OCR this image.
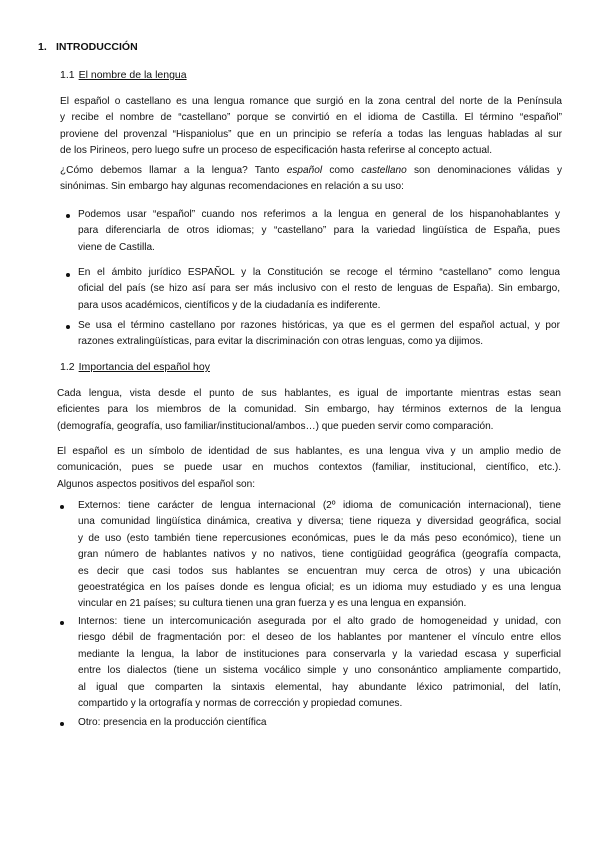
1. INTRODUCCIÓN
1.1 El nombre de la lengua
El español o castellano es una lengua romance que surgió en la zona central del norte de la Península
y recibe el nombre de “castellano” porque se convirtió en el idioma de Castilla. El término “español”
proviene del provenzal “Hispaniolus” que en un principio se refería a todas las lenguas habladas al sur
de los Pirineos, pero luego sufre un proceso de especificación hasta referirse al concepto actual.
¿Cómo debemos llamar a la lengua? Tanto español como castellano son denominaciones válidas y
sinónimas. Sin embargo hay algunas recomendaciones en relación a su uso:
Podemos usar “español” cuando nos referimos a la lengua en general de los hispanohablantes y
para diferenciarla de otros idiomas; y “castellano” para la variedad lingüística de España, pues
viene de Castilla.
En el ámbito jurídico ESPAÑOL y la Constitución se recoge el término “castellano” como lengua
oficial del país (se hizo así para ser más inclusivo con el resto de lenguas de España). Sin embargo,
para usos académicos, científicos y de la ciudadanía es indiferente.
Se usa el término castellano por razones históricas, ya que es el germen del español actual, y por
razones extralingüísticas, para evitar la discriminación con otras lenguas, como ya dijimos.
1.2 Importancia del español hoy
Cada lengua, vista desde el punto de sus hablantes, es igual de importante mientras estas sean
eficientes para los miembros de la comunidad. Sin embargo, hay términos externos de la lengua
(demografía, geografía, uso familiar/institucional/ambos…) que pueden servir como comparación.
El español es un símbolo de identidad de sus hablantes, es una lengua viva y un amplio medio de
comunicación, pues se puede usar en muchos contextos (familiar, institucional, científico, etc.).
Algunos aspectos positivos del español son:
Externos: tiene carácter de lengua internacional (2º idioma de comunicación internacional), tiene
una comunidad lingüística dinámica, creativa y diversa; tiene riqueza y diversidad geográfica, social
y de uso (esto también tiene repercusiones económicas, pues le da más peso económico), tiene un
gran número de hablantes nativos y no nativos, tiene contigüidad geográfica (geografía compacta,
es decir que casi todos sus hablantes se encuentran muy cerca de otros) y una ubicación
geoestratégica en los países donde es lengua oficial; es un idioma muy estudiado y es una lengua
vincular en 21 países; su cultura tienen una gran fuerza y es una lengua en expansión.
Internos: tiene un intercomunicación asegurada por el alto grado de homogeneidad y unidad, con
riesgo débil de fragmentación por: el deseo de los hablantes por mantener el vínculo entre ellos
mediante la lengua, la labor de instituciones para conservarla y la variedad escasa y superficial
entre los dialectos (tiene un sistema vocálico simple y uno consonántico ampliamente compartido,
al igual que comparten la sintaxis elemental, hay abundante léxico patrimonial, del latín,
compartido y la ortografía y normas de corrección y propiedad comunes.
Otro: presencia en la producción científica
